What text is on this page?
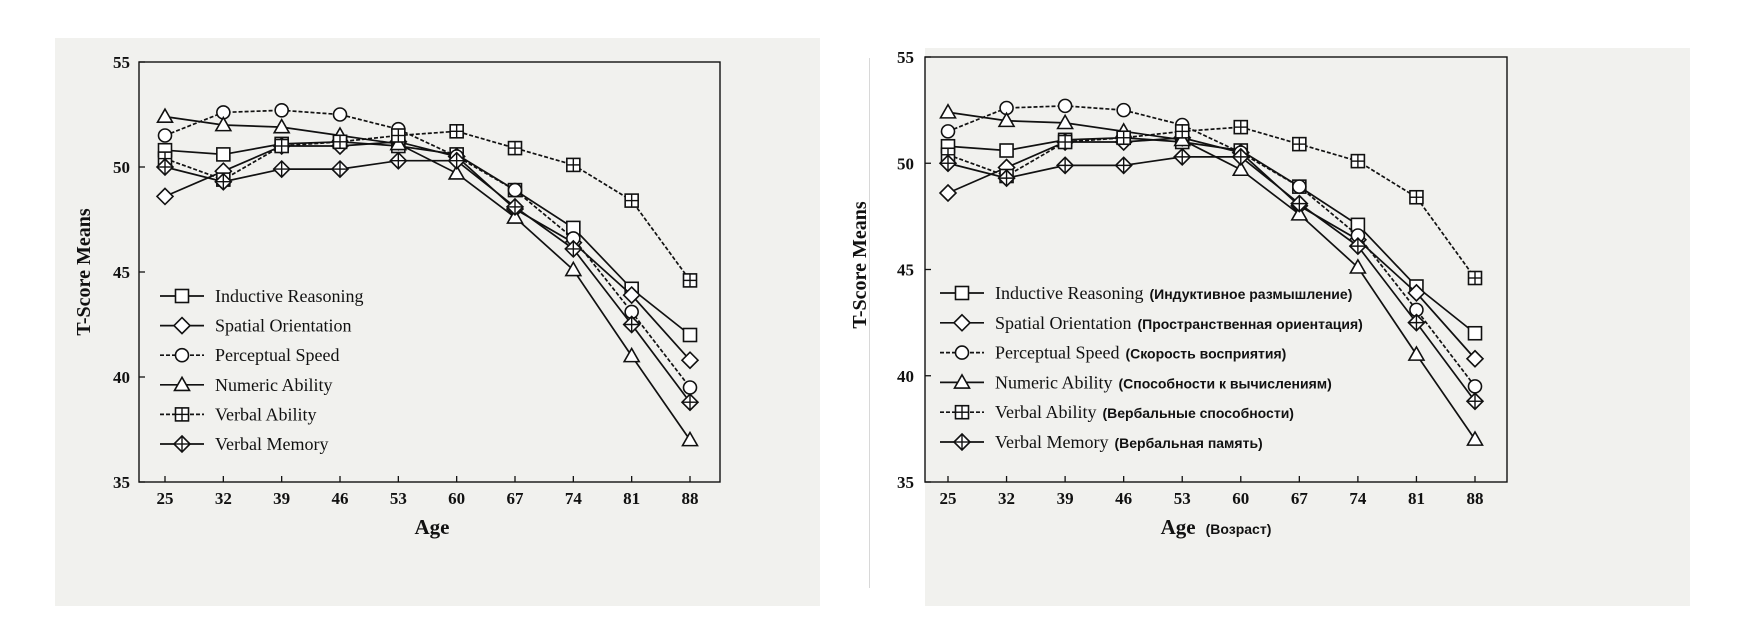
35
40
45
50
55
25 32 39 46 53 60 67 74 81 88
T-Score Means
Age
Inductive Reasoning
Spatial Orientation
Perceptual Speed
Numeric Ability
Verbal Ability
Verbal Memory
35
40
45
50
55
25 32 39 46 53 60 67 74 81 88
T-Score Means
Age (Возраст)
Inductive Reasoning (Индуктивное размышление)
Spatial Orientation (Пространственная ориентация)
Perceptual Speed (Скорость восприятия)
Numeric Ability (Способности к вычислениям)
Verbal Ability (Вербальные способности)
Verbal Memory (Вербальная память)
